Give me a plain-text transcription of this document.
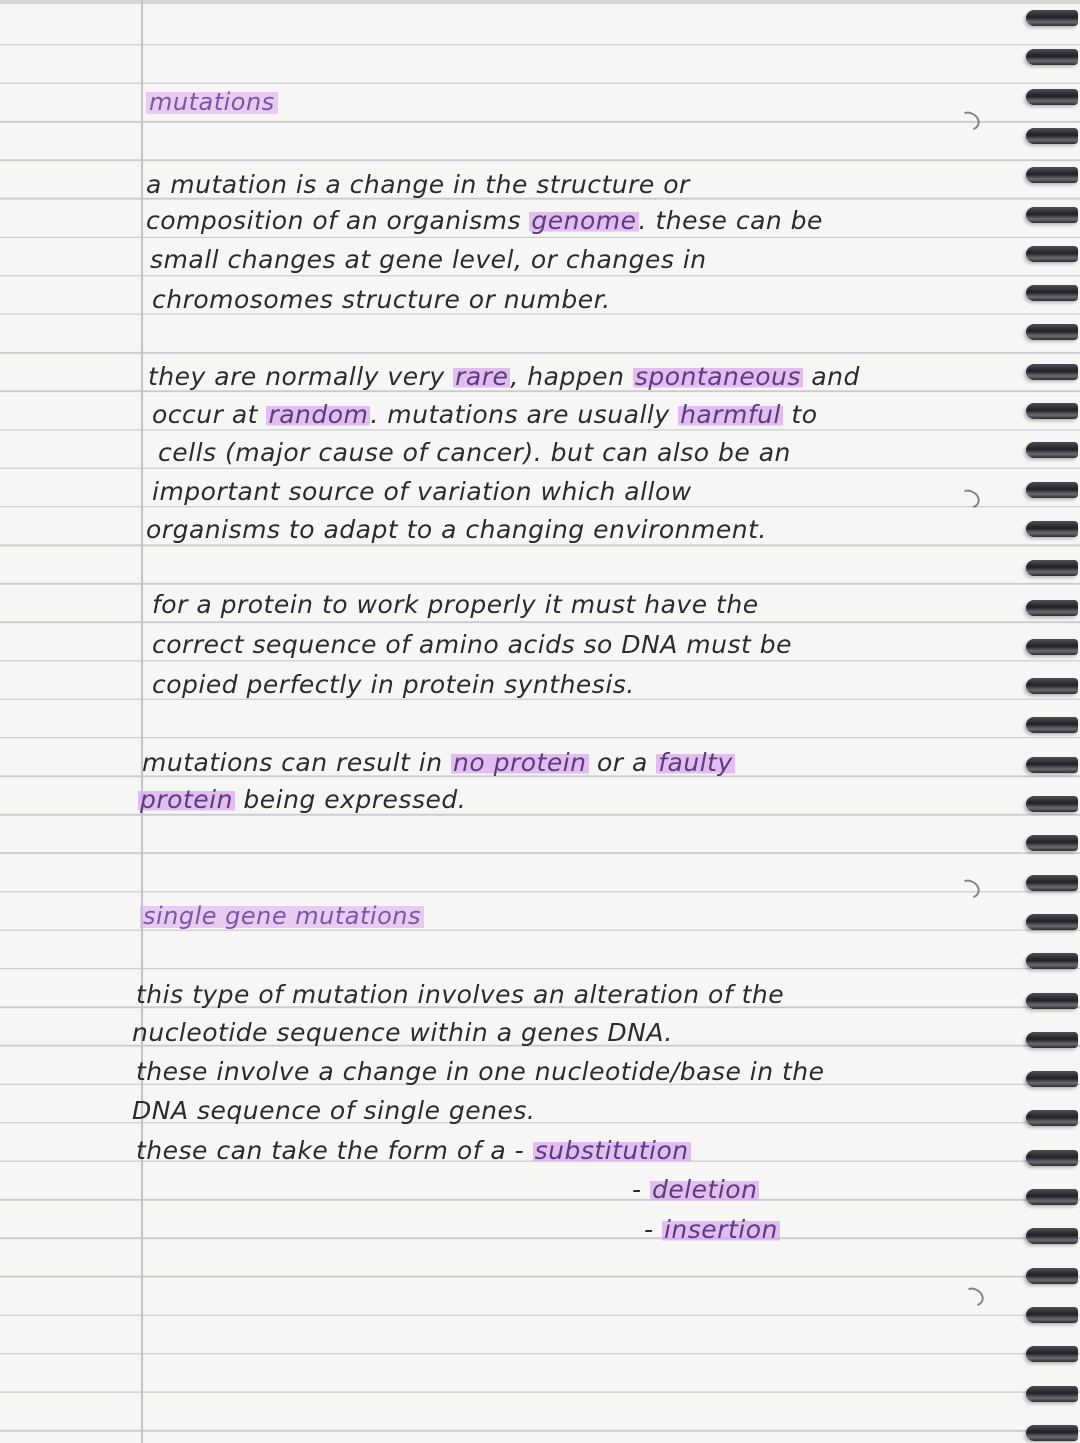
mutations
a mutation is a change in the structure or
composition of an organisms genome. these can be
small changes at gene level, or changes in
chromosomes structure or number.
they are normally very rare, happen spontaneous and
occur at random. mutations are usually harmful to
cells (major cause of cancer). but can also be an
important source of variation which allow
organisms to adapt to a changing environment.
for a protein to work properly it must have the
correct sequence of amino acids so DNA must be
copied perfectly in protein synthesis.
mutations can result in no protein or a faulty
protein being expressed.
single gene mutations
this type of mutation involves an alteration of the
nucleotide sequence within a genes DNA.
these involve a change in one nucleotide/base in the
DNA sequence of single genes.
these can take the form of a - substitution
- deletion
- insertion
